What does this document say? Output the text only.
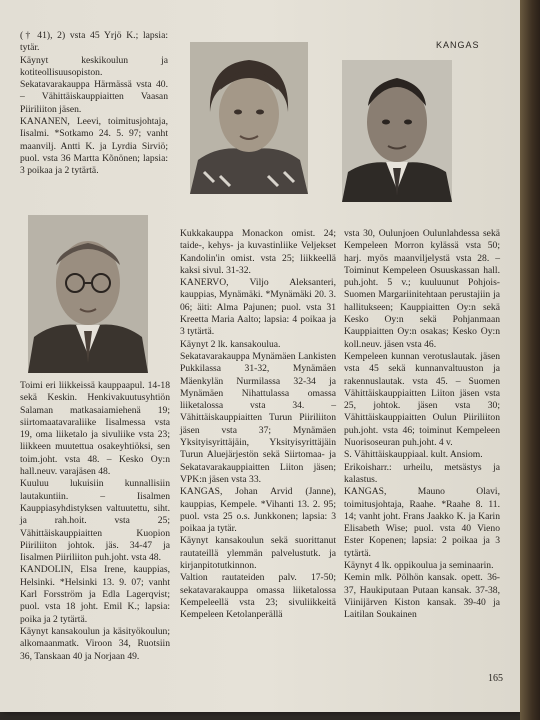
KANGAS

(† 41), 2) vsta 45 Yrjö K.; lapsia: tytär.

Käynyt keskikoulun ja kotiteollisuusopiston.

Sekatavarakauppa Härmässä vsta 40. – Vähittäiskauppiaitten Vaasan Piiriliiton jäsen.

KANANEN, Leevi, toimitusjohtaja, Iisalmi. *Sotkamo 24. 5. 97; vanht maanvilj. Antti K. ja Lyrdia Sirviö; puol. vsta 36 Martta Kõnönen; lapsia: 3 poikaa ja 2 tytärtä.

Toimi eri liikkeissä kauppaapul. 14-18 sekä Keskin. Henkivakuutusyhtiön Salaman matkasaiamiehenä 19; siirtomaatavaraliike Iisalmessa vsta 19, oma liiketalo ja sivuliike vsta 23; liikkeen muutettua osakeyhtiöksi, sen toim.joht. vsta 48. – Kesko Oy:n hall.neuv. varajäsen 48.

Kuuluu lukuisiin kunnallisiin lautakuntiin. – Iisalmen Kauppiasyhdistyksen valtuutettu, siht. ja rah.hoit. vsta 25; Vähittäiskauppiaitten Kuopion Piiriliiton johtok. jäs. 34-47 ja Iisalmen Piiriliiton puh.joht. vsta 48.

KANDOLIN, Elsa Irene, kauppias, Helsinki. *Helsinki 13. 9. 07; vanht Karl Forsström ja Edla Lagerqvist; puol. vsta 18 joht. Emil K.; lapsia: poika ja 2 tytärtä.

Käynyt kansakoulun ja käsityökoulun; alkomaanmatk. Viroon 34, Ruotsiin 36, Tanskaan 40 ja Norjaan 49.

Kukkakauppa Monackon omist. 24; taide-, kehys- ja kuvastinliike Veljekset Kandolin'in omist. vsta 25; liikkeellä kaksi sivul. 31-32.

KANERVO, Viljo Aleksanteri, kauppias, Mynämäki. *Mynämäki 20. 3. 06; äiti: Alma Pajunen; puol. vsta 31 Kreetta Maria Aalto; lapsia: 4 poikaa ja 3 tytärtä.

Käynyt 2 lk. kansakoulua.

Sekatavarakauppa Mynämäen Lankisten Pukkilassa 31-32, Mynämäen Mäenkylän Nurmilassa 32-34 ja Mynämäen Nihattulassa omassa liiketalossa vsta 34. – Vähittäiskauppiaitten Turun Piiriliiton jäsen vsta 37; Mynämäen Yksityisyrittäjäin, Yksityisyrittäjäin Turun Aluejärjestön sekä Siirtomaa- ja Sekatavarakauppiaitten Liiton jäsen; VPK:n jäsen vsta 33.

KANGAS, Johan Arvid (Janne), kauppias, Kempele. *Vihanti 13. 2. 95; puol. vsta 25 o.s. Junkkonen; lapsia: 3 poikaa ja tytär.

Käynyt kansakoulun sekä suorittanut rautateillä ylemmän palvelustutk. ja kirjanpitotutkinnon.

Valtion rautateiden palv. 17-50; sekatavarakauppa omassa liiketalossa Kempeleellä vsta 23; sivuliikkeitä Kempeleen Ketolanperällä

vsta 30, Oulunjoen Oulunlahdessa sekä Kempeleen Morron kylässä vsta 50; harj. myös maanviljelystä vsta 28. – Toiminut Kempeleen Osuuskassan hall. puh.joht. 5 v.; kuuluunut Pohjois-Suomen Margariinitehtaan perustajiin ja hallitukseen; Kauppiaitten Oy:n sekä Kesko Oy:n sekä Pohjanmaan Kauppiaitten Oy:n osakas; Kesko Oy:n koll.neuv. jäsen vsta 46.

Kempeleen kunnan verotuslautak. jäsen vsta 45 sekä kunnanvaltuuston ja rakennuslautak. vsta 45. – Suomen Vähittäiskauppiaitten Liiton jäsen vsta 25, johtok. jäsen vsta 30; Vähittäiskauppiaitten Oulun Piiriliiton puh.joht. vsta 46; toiminut Kempeleen Nuorisoseuran puh.joht. 4 v.

S. Vähittäiskauppiaal. kult. Ansiom.

Erikoisharr.: urheilu, metsästys ja kalastus.

KANGAS, Mauno Olavi, toimitusjohtaja, Raahe. *Raahe 8. 11. 14; vanht joht. Frans Jaakko K. ja Karin Elisabeth Wise; puol. vsta 40 Vieno Ester Kopenen; lapsia: 2 poikaa ja 3 tytärtä.

Käynyt 4 lk. oppikoulua ja seminaarin.

Kemin mlk. Pölhön kansak. opett. 36-37, Haukiputaan Putaan kansak. 37-38, Viinijärven Kiston kansak. 39-40 ja Laitilan Soukainen

165
